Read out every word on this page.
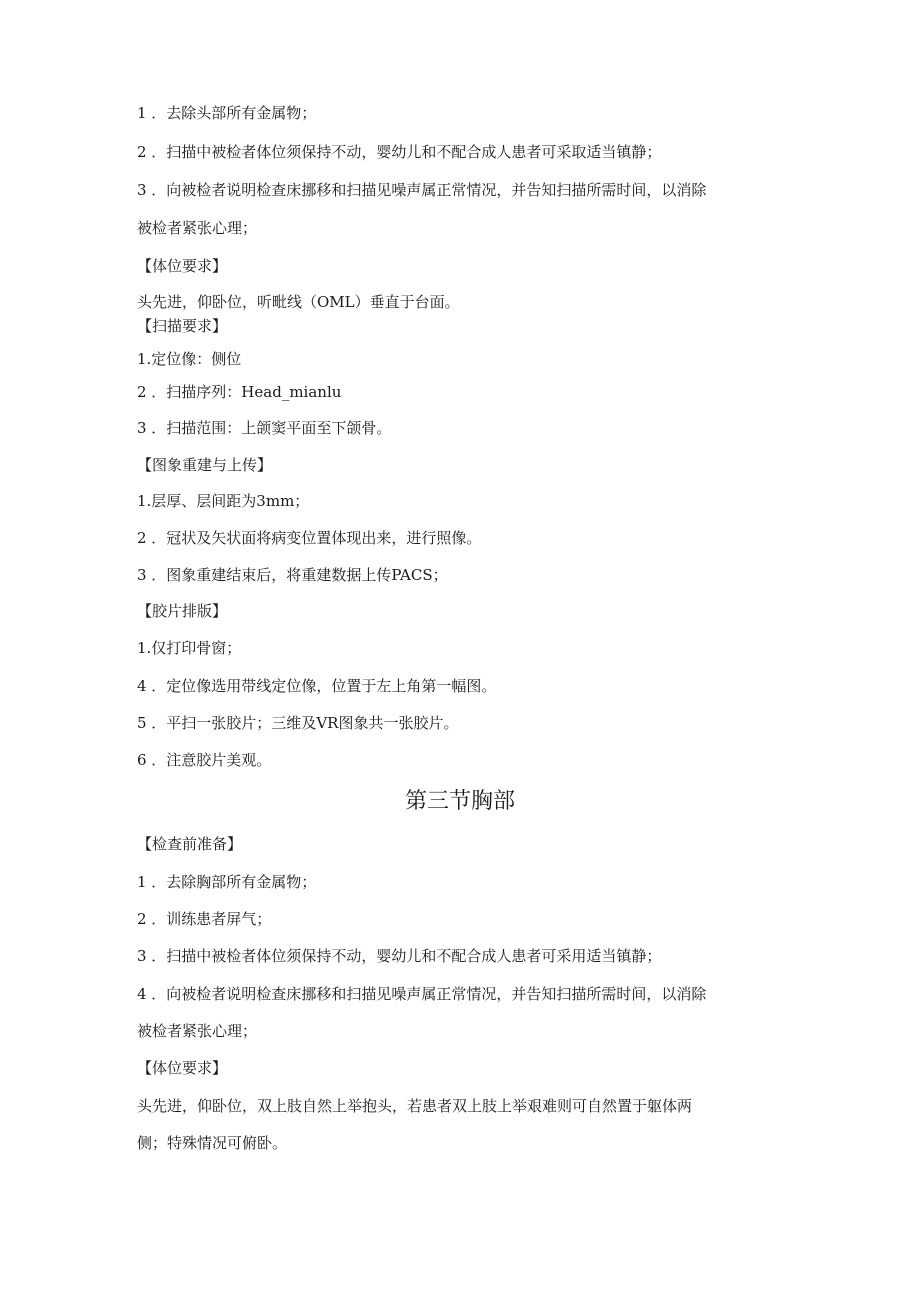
1 ．去除头部所有金属物；
2 ．扫描中被检者体位须保持不动，婴幼儿和不配合成人患者可采取适当镇静；
3 ．向被检者说明检查床挪移和扫描见噪声属正常情况，并告知扫描所需时间，以消除
被检者紧张心理；
【体位要求】
头先进，仰卧位，听毗线（OML）垂直于台面。
【扫描要求】
1.定位像：侧位
2 ．扫描序列：Head_mianlu
3 ．扫描范围：上颌窦平面至下颌骨。
【图象重建与上传】
1.层厚、层间距为3mm；
2 ．冠状及矢状面将病变位置体现出来，进行照像。
3 ．图象重建结束后，将重建数据上传PACS；
【胶片排版】
1.仅打印骨窗；
4 ．定位像选用带线定位像，位置于左上角第一幅图。
5 ．平扫一张胶片；三维及VR图象共一张胶片。
6 ．注意胶片美观。
第三节胸部
【检查前准备】
1 ．去除胸部所有金属物；
2 ．训练患者屏气；
3 ．扫描中被检者体位须保持不动，婴幼儿和不配合成人患者可采用适当镇静；
4 ．向被检者说明检查床挪移和扫描见噪声属正常情况，并告知扫描所需时间，以消除
被检者紧张心理；
【体位要求】
头先进，仰卧位，双上肢自然上举抱头，若患者双上肢上举艰难则可自然置于躯体两
侧；特殊情况可俯卧。
